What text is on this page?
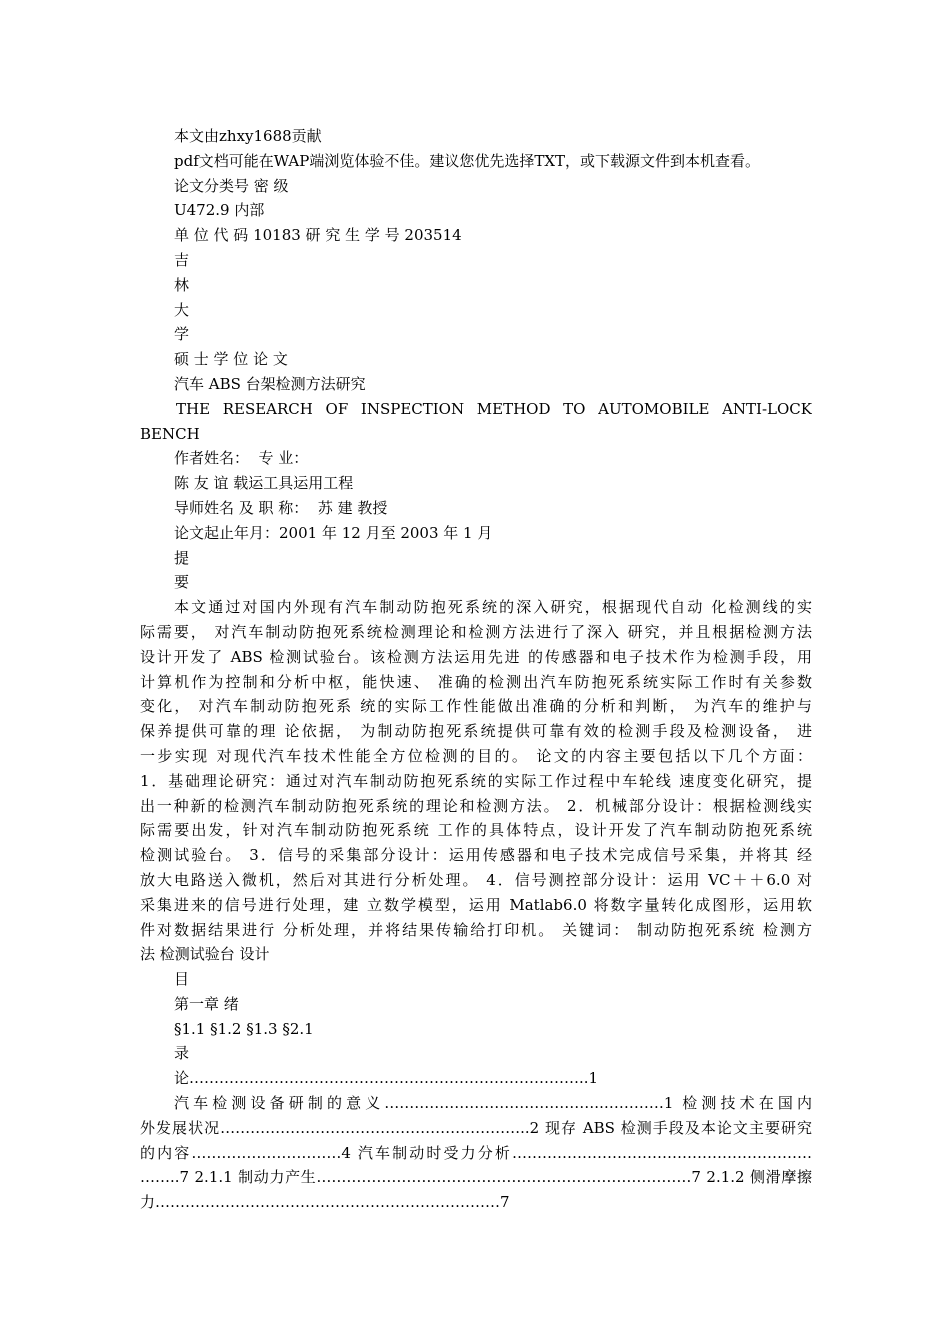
本文由zhxy1688贡献
pdf文档可能在WAP端浏览体验不佳。建议您优先选择TXT，或下载源文件到本机查看。
论文分类号 密 级
U472.9 内部
单 位 代 码 10183 研 究 生 学 号 203514
吉
林
大
学
硕 士 学 位 论 文
汽车 ABS 台架检测方法研究
THE RESEARCH OF INSPECTION METHOD TO AUTOMOBILE ANTI-LOCK
BENCH
作者姓名：  专 业：
陈 友 谊 载运工具运用工程
导师姓名 及 职 称：  苏 建 教授
论文起止年月：2001 年 12 月至 2003 年 1 月
提
要
本文通过对国内外现有汽车制动防抱死系统的深入研究，根据现代自动 化检测线的实
际需要， 对汽车制动防抱死系统检测理论和检测方法进行了深入 研究，并且根据检测方法
设计开发了 ABS 检测试验台。该检测方法运用先进 的传感器和电子技术作为检测手段，用
计算机作为控制和分析中枢，能快速、 准确的检测出汽车防抱死系统实际工作时有关参数
变化， 对汽车制动防抱死系 统的实际工作性能做出准确的分析和判断， 为汽车的维护与
保养提供可靠的理 论依据， 为制动防抱死系统提供可靠有效的检测手段及检测设备， 进
一步实现 对现代汽车技术性能全方位检测的目的。 论文的内容主要包括以下几个方面：
1．基础理论研究：通过对汽车制动防抱死系统的实际工作过程中车轮线 速度变化研究，提
出一种新的检测汽车制动防抱死系统的理论和检测方法。 2．机械部分设计：根据检测线实
际需要出发，针对汽车制动防抱死系统 工作的具体特点，设计开发了汽车制动防抱死系统
检测试验台。 3．信号的采集部分设计：运用传感器和电子技术完成信号采集，并将其 经
放大电路送入微机，然后对其进行分析处理。 4．信号测控部分设计：运用 VC＋＋6.0 对
采集进来的信号进行处理，建 立数学模型，运用 Matlab6.0 将数字量转化成图形，运用软
件对数据结果进行 分析处理，并将结果传输给打印机。 关键词： 制动防抱死系统 检测方
法 检测试验台 设计
目
第一章 绪
§1.1 §1.2 §1.3 §2.1
录
论……………………………………………………………………..1
汽车检测设备研制的意义……………………………………..…………1 检测技术在国内
外发展状况……………………………………………………..2 现存 ABS 检测手段及本论文主要研究
的内容…………………………4 汽车制动时受力分析……………………………………………………
……..7 2.1.1 制动力产生…………………………………………………………………7 2.1.2 侧滑摩擦
力……………………………………………………………7
